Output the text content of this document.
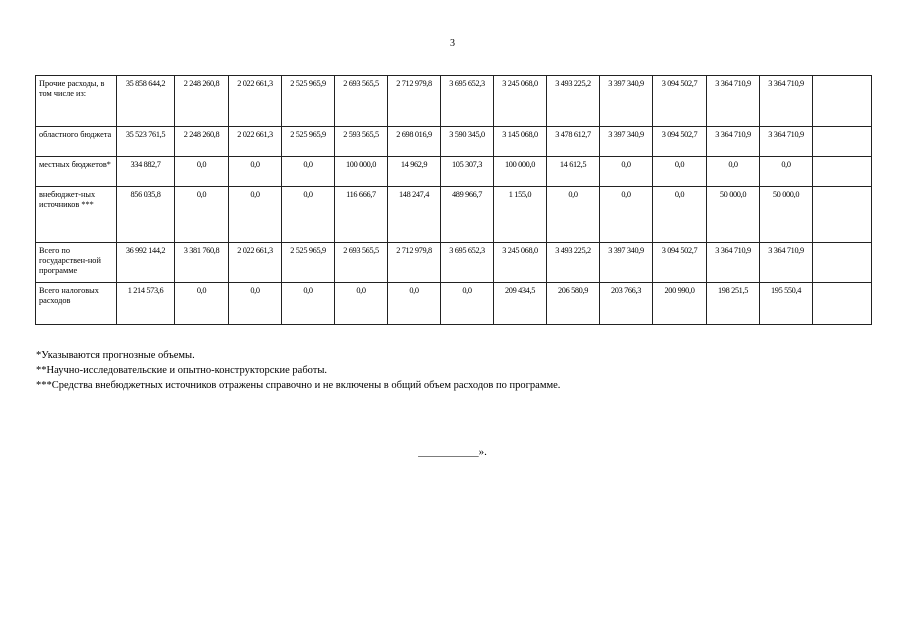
3
Прочие расходы, в том числе из:	35 858 644,2	2 248 260,8	2 022 661,3	2 525 965,9	2 693 565,5	2 712 979,8	3 695 652,3	3 245 068,0	3 493 225,2	3 397 340,9	3 094 502,7	3 364 710,9	3 364 710,9	
областного бюджета	35 523 761,5	2 248 260,8	2 022 661,3	2 525 965,9	2 593 565,5	2 698 016,9	3 590 345,0	3 145 068,0	3 478 612,7	3 397 340,9	3 094 502,7	3 364 710,9	3 364 710,9	
местных бюджетов*	334 882,7	0,0	0,0	0,0	100 000,0	14 962,9	105 307,3	100 000,0	14 612,5	0,0	0,0	0,0	0,0	
внебюджет-ных источников ***	856 035,8	0,0	0,0	0,0	116 666,7	148 247,4	489 966,7	1 155,0	0,0	0,0	0,0	50 000,0	50 000,0	
Всего по государствен-ной программе	36 992 144,2	3 381 760,8	2 022 661,3	2 525 965,9	2 693 565,5	2 712 979,8	3 695 652,3	3 245 068,0	3 493 225,2	3 397 340,9	3 094 502,7	3 364 710,9	3 364 710,9	
Всего налоговых расходов	1 214 573,6	0,0	0,0	0,0	0,0	0,0	0,0	209 434,5	206 580,9	203 766,3	200 990,0	198 251,5	195 550,4	
*Указываются прогнозные объемы.
**Научно-исследовательские и опытно-конструкторские работы.
***Средства внебюджетных источников отражены справочно и не включены в общий объем расходов по программе.
___________».
